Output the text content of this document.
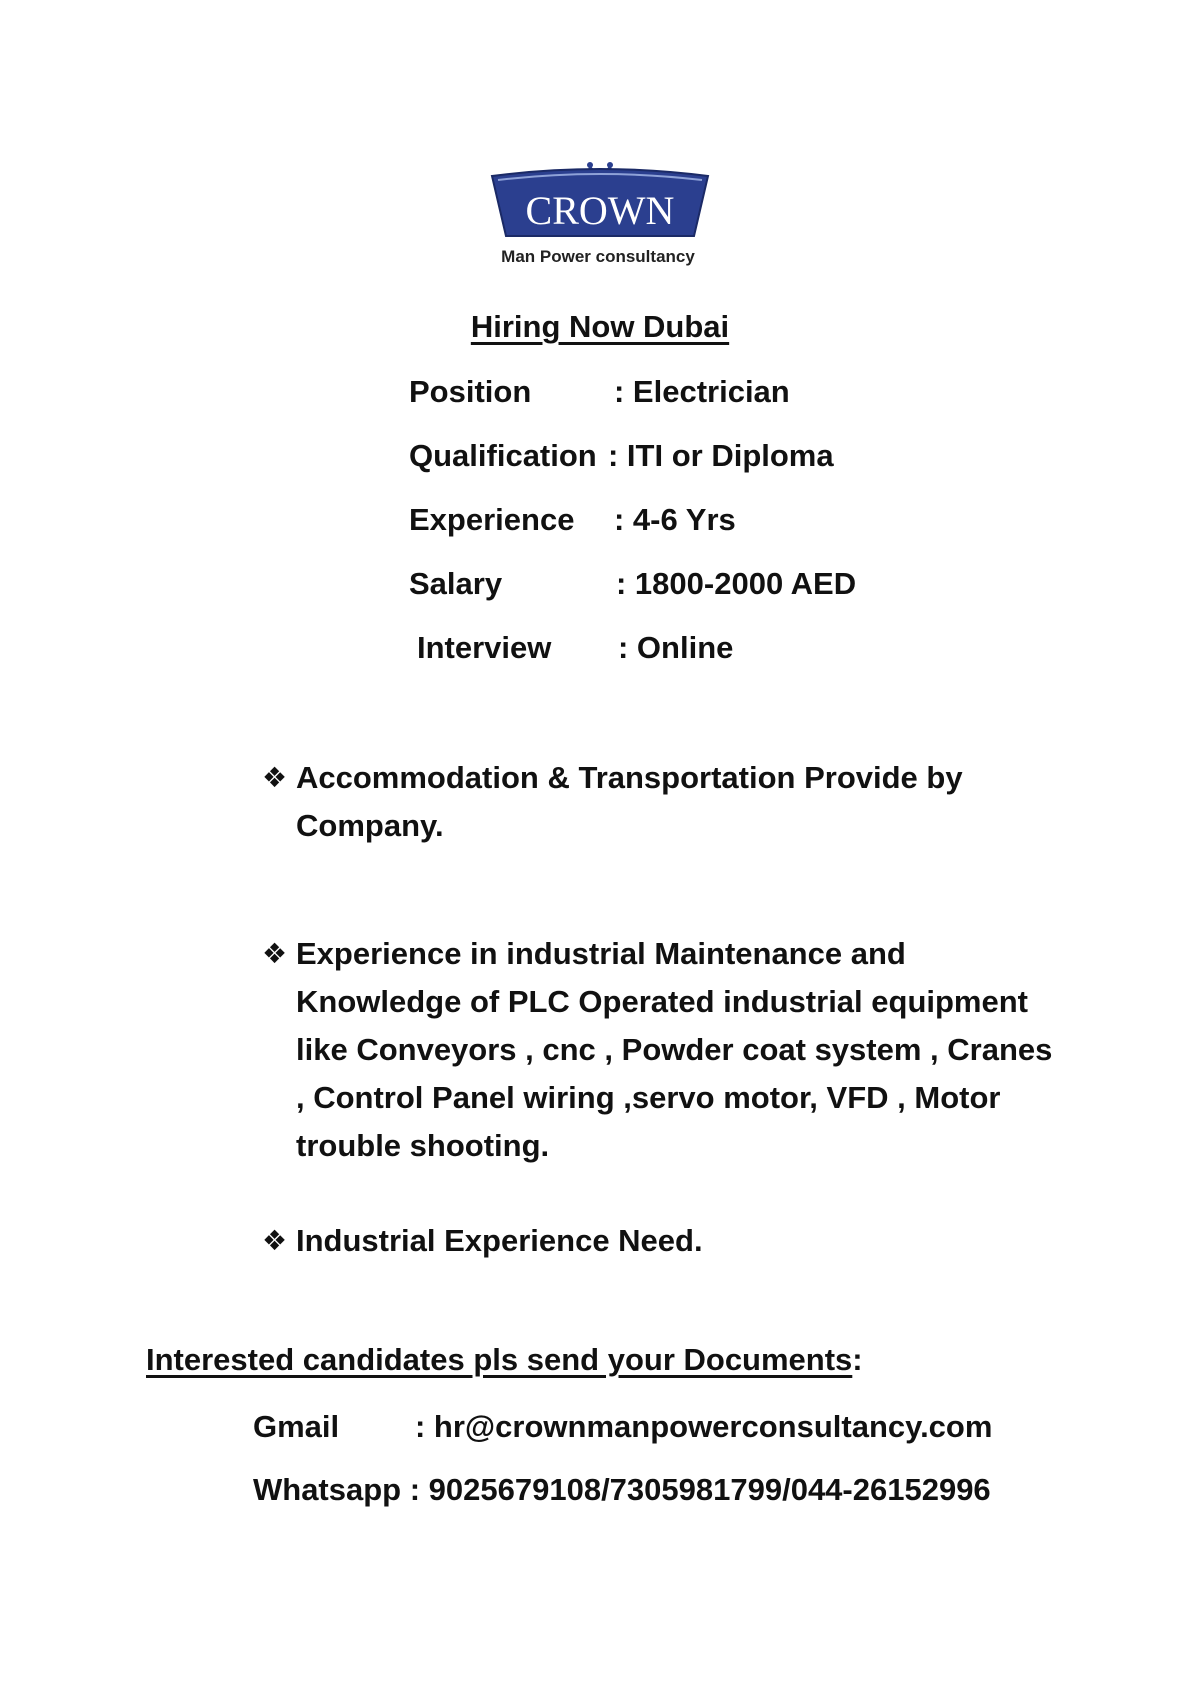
CROWN
Man Power consultancy
Hiring Now Dubai
Position	: Electrician
Qualification : ITI or Diploma
Experience : 4-6 Yrs
Salary	: 1800-2000 AED
Interview : Online
❖ Accommodation & Transportation Provide by Company.
❖ Experience in industrial Maintenance and Knowledge of PLC Operated industrial equipment like Conveyors , cnc , Powder coat system , Cranes , Control Panel wiring ,servo motor, VFD , Motor trouble shooting.
❖ Industrial Experience Need.
Interested candidates pls send your Documents:
Gmail : hr@crownmanpowerconsultancy.com
Whatsapp : 9025679108/7305981799/044-26152996
